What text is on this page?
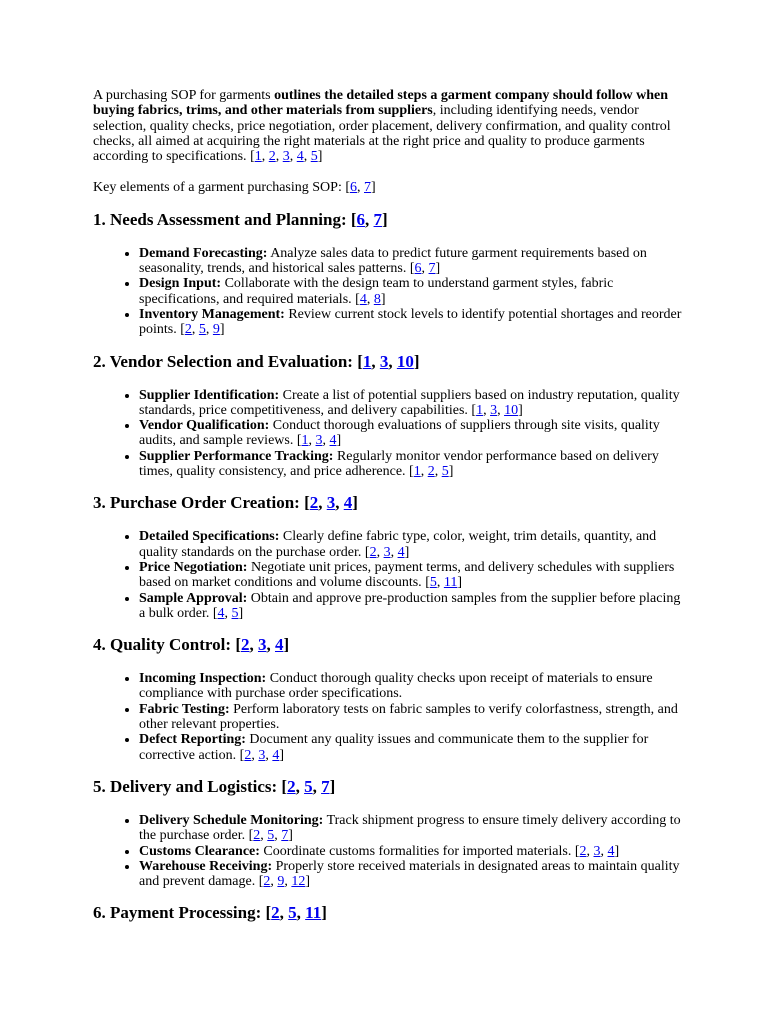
A purchasing SOP for garments outlines the detailed steps a garment company should follow when buying fabrics, trims, and other materials from suppliers, including identifying needs, vendor selection, quality checks, price negotiation, order placement, delivery confirmation, and quality control checks, all aimed at acquiring the right materials at the right price and quality to produce garments according to specifications. [1, 2, 3, 4, 5]

Key elements of a garment purchasing SOP: [6, 7]

1. Needs Assessment and Planning: [6, 7]
• Demand Forecasting: Analyze sales data to predict future garment requirements based on seasonality, trends, and historical sales patterns. [6, 7]
• Design Input: Collaborate with the design team to understand garment styles, fabric specifications, and required materials. [4, 8]
• Inventory Management: Review current stock levels to identify potential shortages and reorder points. [2, 5, 9]
2. Vendor Selection and Evaluation: [1, 3, 10]
• Supplier Identification: Create a list of potential suppliers based on industry reputation, quality standards, price competitiveness, and delivery capabilities. [1, 3, 10]
• Vendor Qualification: Conduct thorough evaluations of suppliers through site visits, quality audits, and sample reviews. [1, 3, 4]
• Supplier Performance Tracking: Regularly monitor vendor performance based on delivery times, quality consistency, and price adherence. [1, 2, 5]
3. Purchase Order Creation: [2, 3, 4]
• Detailed Specifications: Clearly define fabric type, color, weight, trim details, quantity, and quality standards on the purchase order. [2, 3, 4]
• Price Negotiation: Negotiate unit prices, payment terms, and delivery schedules with suppliers based on market conditions and volume discounts. [5, 11]
• Sample Approval: Obtain and approve pre-production samples from the supplier before placing a bulk order. [4, 5]
4. Quality Control: [2, 3, 4]
• Incoming Inspection: Conduct thorough quality checks upon receipt of materials to ensure compliance with purchase order specifications.
• Fabric Testing: Perform laboratory tests on fabric samples to verify colorfastness, strength, and other relevant properties.
• Defect Reporting: Document any quality issues and communicate them to the supplier for corrective action. [2, 3, 4]
5. Delivery and Logistics: [2, 5, 7]
• Delivery Schedule Monitoring: Track shipment progress to ensure timely delivery according to the purchase order. [2, 5, 7]
• Customs Clearance: Coordinate customs formalities for imported materials. [2, 3, 4]
• Warehouse Receiving: Properly store received materials in designated areas to maintain quality and prevent damage. [2, 9, 12]
6. Payment Processing: [2, 5, 11]
